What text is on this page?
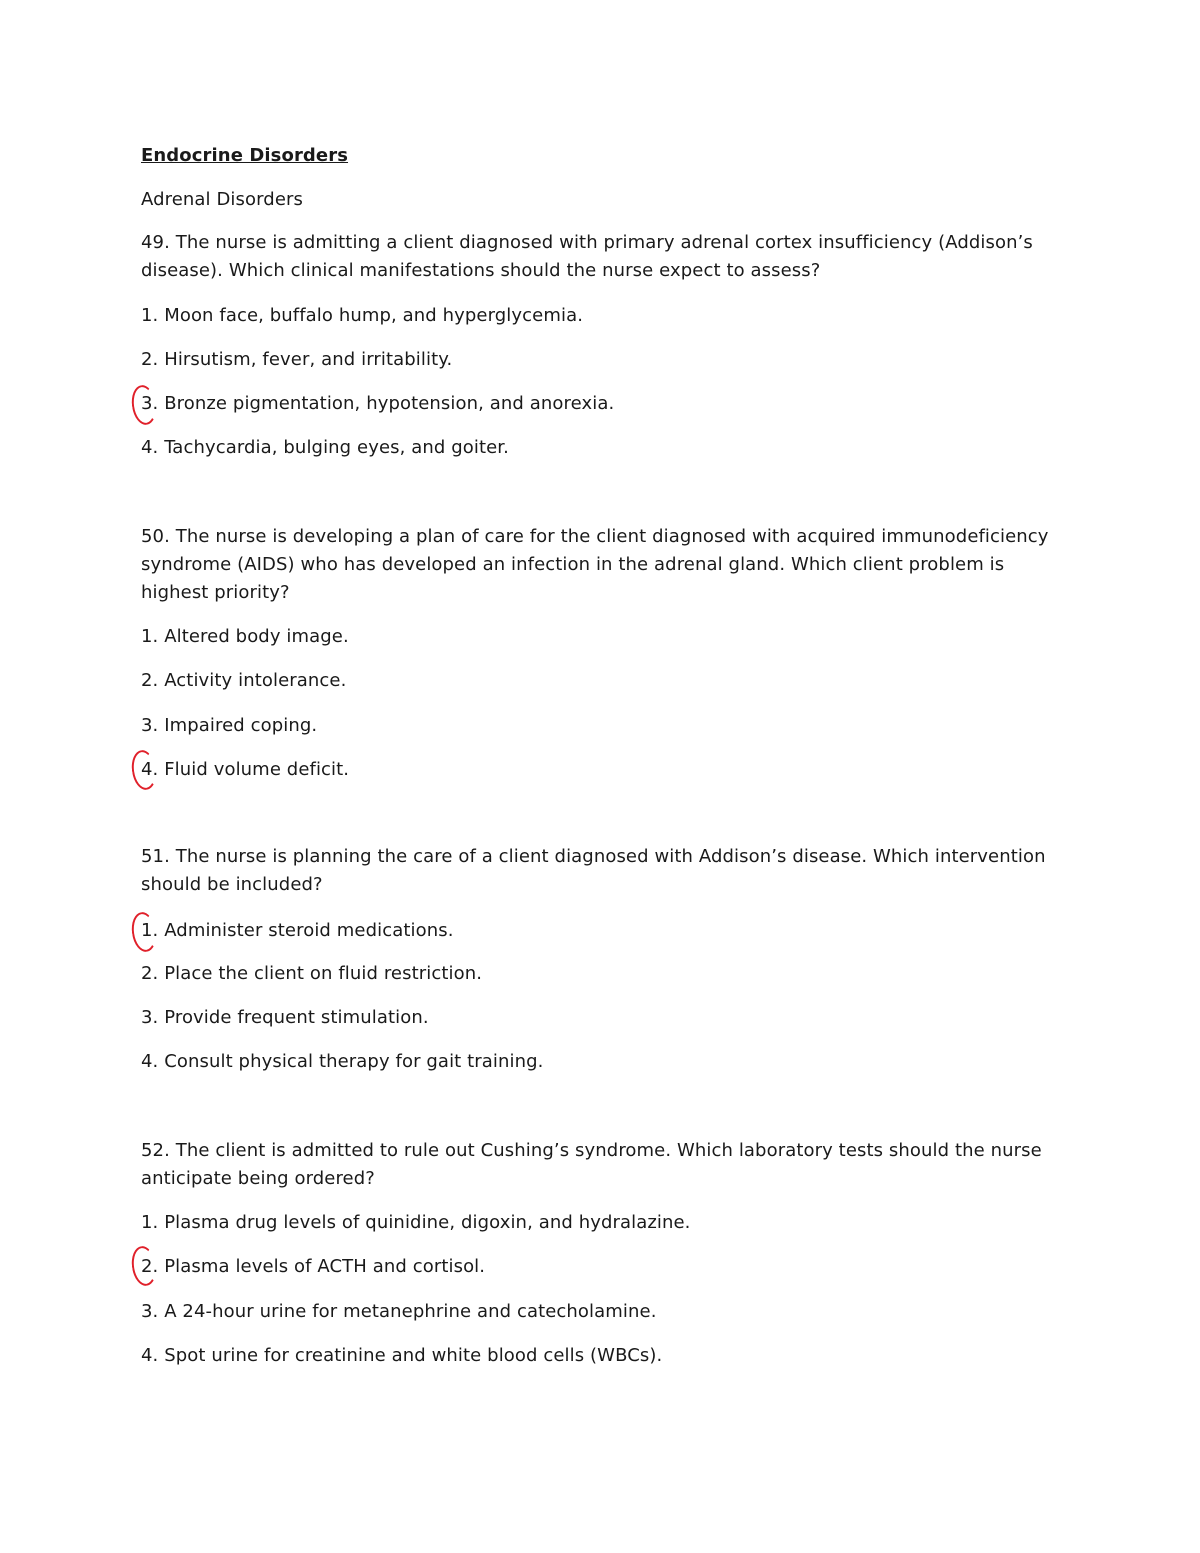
Endocrine Disorders
Adrenal Disorders
49. The nurse is admitting a client diagnosed with primary adrenal cortex insufficiency (Addison’s disease). Which clinical manifestations should the nurse expect to assess?
1. Moon face, buffalo hump, and hyperglycemia.
2. Hirsutism, fever, and irritability.
3. Bronze pigmentation, hypotension, and anorexia.
4. Tachycardia, bulging eyes, and goiter.
50. The nurse is developing a plan of care for the client diagnosed with acquired immunodeficiency syndrome (AIDS) who has developed an infection in the adrenal gland. Which client problem is highest priority?
1. Altered body image.
2. Activity intolerance.
3. Impaired coping.
4. Fluid volume deficit.
51. The nurse is planning the care of a client diagnosed with Addison’s disease. Which intervention should be included?
1. Administer steroid medications.
2. Place the client on fluid restriction.
3. Provide frequent stimulation.
4. Consult physical therapy for gait training.
52. The client is admitted to rule out Cushing’s syndrome. Which laboratory tests should the nurse anticipate being ordered?
1. Plasma drug levels of quinidine, digoxin, and hydralazine.
2. Plasma levels of ACTH and cortisol.
3. A 24-hour urine for metanephrine and catecholamine.
4. Spot urine for creatinine and white blood cells (WBCs).
